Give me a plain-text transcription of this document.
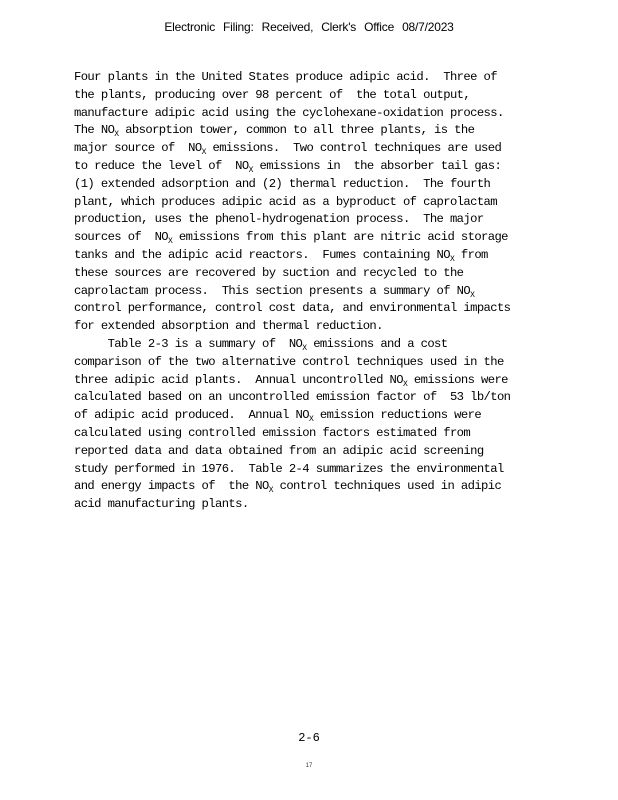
Electronic Filing: Received, Clerk's Office 08/7/2023
Four plants in the United States produce adipic acid.  Three of
the plants, producing over 98 percent of  the total output,
manufacture adipic acid using the cyclohexane-oxidation process.
The $NO_X$ absorption tower, common to all three plants, is the
major source of  $NO_X$ emissions.  Two control techniques are used
to reduce the level of  $NO_X$ emissions in  the absorber tail gas:
(1) extended adsorption and (2) thermal reduction.  The fourth
plant, which produces adipic acid as a byproduct of caprolactam
production, uses the phenol-hydrogenation process.  The major
sources of  $NO_X$ emissions from this plant are nitric acid storage
tanks and the adipic acid reactors.  Fumes containing $NO_X$ from
these sources are recovered by suction and recycled to the
caprolactam process.  This section presents a summary of $NO_X$
control performance, control cost data, and environmental impacts
for extended absorption and thermal reduction.
Table 2-3 is a summary of  $NO_X$ emissions and a cost
comparison of the two alternative control techniques used in the
three adipic acid plants.  Annual uncontrolled $NO_X$ emissions were
calculated based on an uncontrolled emission factor of  53 lb/ton
of adipic acid produced.  Annual $NO_X$ emission reductions were
calculated using controlled emission factors estimated from
reported data and data obtained from an adipic acid screening
study performed in 1976.  Table 2-4 summarizes the environmental
and energy impacts of  the $NO_X$ control techniques used in adipic
acid manufacturing plants.
2-6
17
